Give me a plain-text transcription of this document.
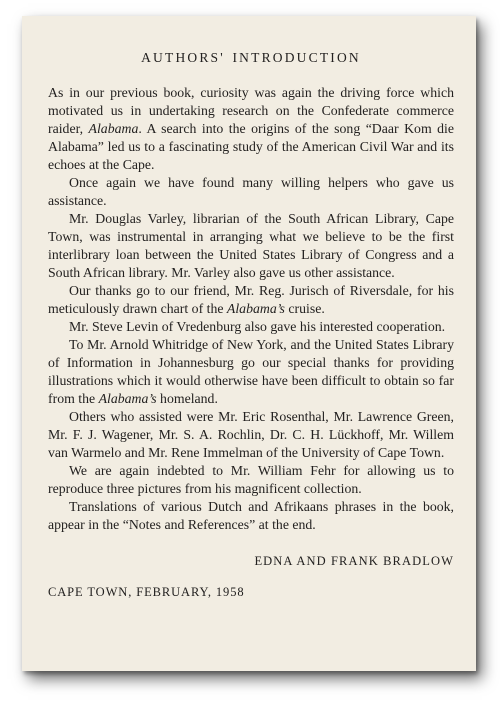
AUTHORS' INTRODUCTION

As in our previous book, curiosity was again the driving force which motivated us in undertaking research on the Confederate commerce raider, Alabama. A search into the origins of the song “Daar Kom die Alabama” led us to a fascinating study of the American Civil War and its echoes at the Cape.

Once again we have found many willing helpers who gave us assistance.

Mr. Douglas Varley, librarian of the South African Library, Cape Town, was instrumental in arranging what we believe to be the first interlibrary loan between the United States Library of Congress and a South African library. Mr. Varley also gave us other assistance.

Our thanks go to our friend, Mr. Reg. Jurisch of Riversdale, for his meticulously drawn chart of the Alabama’s cruise.

Mr. Steve Levin of Vredenburg also gave his interested cooperation.

To Mr. Arnold Whitridge of New York, and the United States Library of Information in Johannesburg go our special thanks for providing illustrations which it would otherwise have been difficult to obtain so far from the Alabama’s homeland.

Others who assisted were Mr. Eric Rosenthal, Mr. Lawrence Green, Mr. F. J. Wagener, Mr. S. A. Rochlin, Dr. C. H. Lückhoff, Mr. Willem van Warmelo and Mr. Rene Immelman of the University of Cape Town.

We are again indebted to Mr. William Fehr for allowing us to reproduce three pictures from his magnificent collection.

Translations of various Dutch and Afrikaans phrases in the book, appear in the “Notes and References” at the end.

EDNA AND FRANK BRADLOW
CAPE TOWN, FEBRUARY, 1958
